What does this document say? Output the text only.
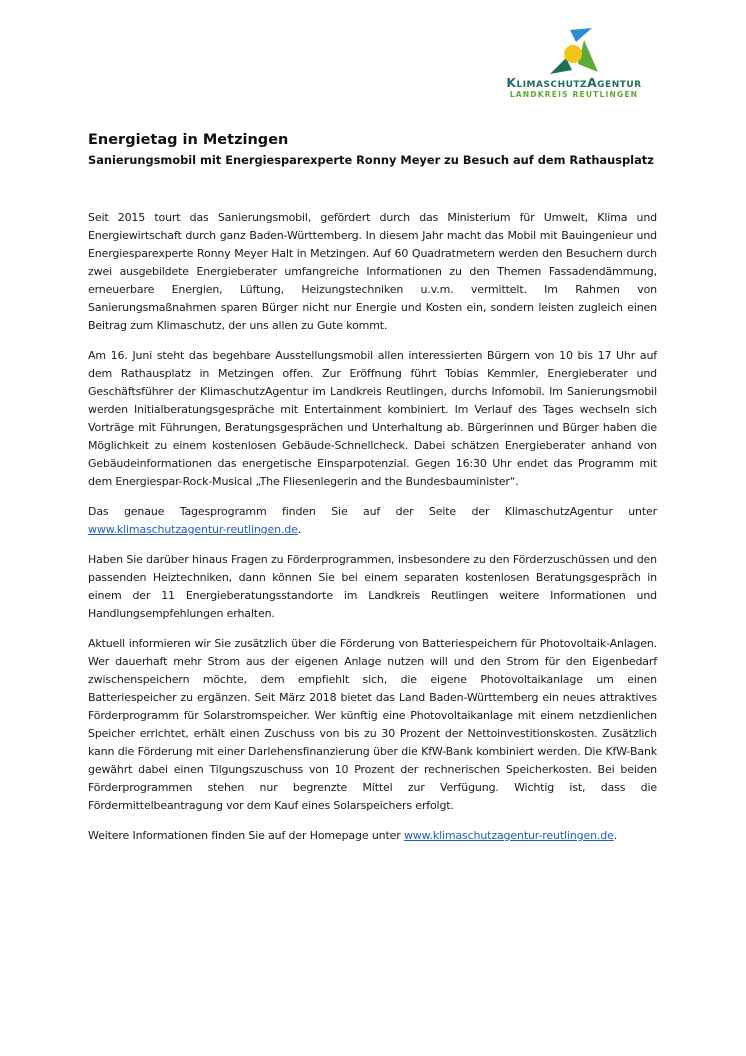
KlimaschutzAgentur
LANDKREIS REUTLINGEN
Energietag in Metzingen
Sanierungsmobil mit Energiesparexperte Ronny Meyer zu Besuch auf dem Rathausplatz

Seit 2015 tourt das Sanierungsmobil, gefördert durch das Ministerium für Umwelt, Klima und Energiewirtschaft durch ganz Baden-Württemberg. In diesem Jahr macht das Mobil mit Bauingenieur und Energiesparexperte Ronny Meyer Halt in Metzingen. Auf 60 Quadratmetern werden den Besuchern durch zwei ausgebildete Energieberater umfangreiche Informationen zu den Themen Fassadendämmung, erneuerbare Energien, Lüftung, Heizungstechniken u.v.m. vermittelt. Im Rahmen von Sanierungsmaßnahmen sparen Bürger nicht nur Energie und Kosten ein, sondern leisten zugleich einen Beitrag zum Klimaschutz, der uns allen zu Gute kommt.

Am 16. Juni steht das begehbare Ausstellungsmobil allen interessierten Bürgern von 10 bis 17 Uhr auf dem Rathausplatz in Metzingen offen. Zur Eröffnung führt Tobias Kemmler, Energieberater und Geschäftsführer der KlimaschutzAgentur im Landkreis Reutlingen, durchs Infomobil. Im Sanierungsmobil werden Initialberatungsgespräche mit Entertainment kombiniert. Im Verlauf des Tages wechseln sich Vorträge mit Führungen, Beratungsgesprächen und Unterhaltung ab. Bürgerinnen und Bürger haben die Möglichkeit zu einem kostenlosen Gebäude-Schnellcheck. Dabei schätzen Energieberater anhand von Gebäudeinformationen das energetische Einsparpotenzial. Gegen 16:30 Uhr endet das Programm mit dem Energiespar-Rock-Musical „The Fliesenlegerin and the Bundesbauminister“.

Das genaue Tagesprogramm finden Sie auf der Seite der KlimaschutzAgentur unter www.klimaschutzagentur-reutlingen.de.

Haben Sie darüber hinaus Fragen zu Förderprogrammen, insbesondere zu den Förderzuschüssen und den passenden Heiztechniken, dann können Sie bei einem separaten kostenlosen Beratungsgespräch in einem der 11 Energieberatungsstandorte im Landkreis Reutlingen weitere Informationen und Handlungsempfehlungen erhalten.

Aktuell informieren wir Sie zusätzlich über die Förderung von Batteriespeichern für Photovoltaik-Anlagen. Wer dauerhaft mehr Strom aus der eigenen Anlage nutzen will und den Strom für den Eigenbedarf zwischenspeichern möchte, dem empfiehlt sich, die eigene Photovoltaikanlage um einen Batteriespeicher zu ergänzen. Seit März 2018 bietet das Land Baden-Württemberg ein neues attraktives Förderprogramm für Solarstromspeicher. Wer künftig eine Photovoltaikanlage mit einem netzdienlichen Speicher errichtet, erhält einen Zuschuss von bis zu 30 Prozent der Nettoinvestitionskosten. Zusätzlich kann die Förderung mit einer Darlehensfinanzierung über die KfW-Bank kombiniert werden. Die KfW-Bank gewährt dabei einen Tilgungszuschuss von 10 Prozent der rechnerischen Speicherkosten. Bei beiden Förderprogrammen stehen nur begrenzte Mittel zur Verfügung. Wichtig ist, dass die Fördermittelbeantragung vor dem Kauf eines Solarspeichers erfolgt.

Weitere Informationen finden Sie auf der Homepage unter www.klimaschutzagentur-reutlingen.de.
